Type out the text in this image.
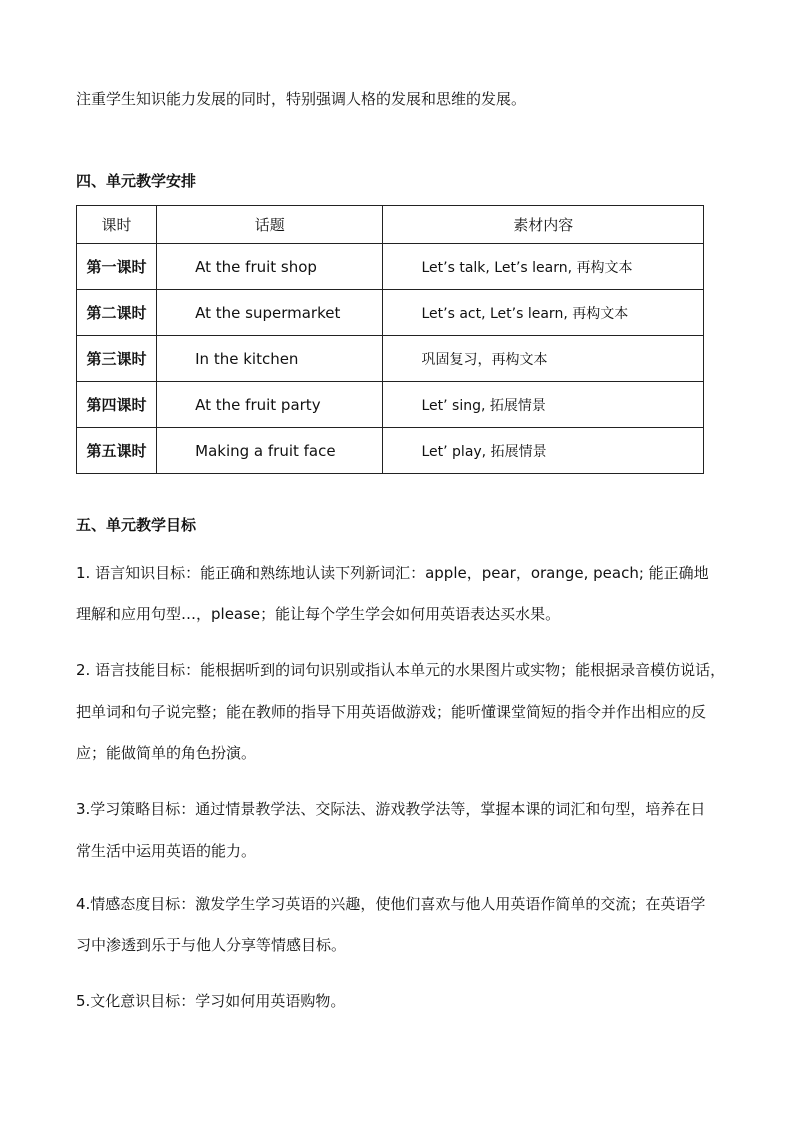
注重学生知识能力发展的同时，特别强调人格的发展和思维的发展。
四、单元教学安排
课时	话题	素材内容
第一课时	At the fruit shop	Let’s talk, Let’s learn, 再构文本
第二课时	At the supermarket	Let’s act, Let’s learn, 再构文本
第三课时	In the kitchen	巩固复习，再构文本
第四课时	At the fruit party	Let’ sing, 拓展情景
第五课时	Making a fruit face	Let’ play, 拓展情景
五、单元教学目标
1. 语言知识目标：能正确和熟练地认读下列新词汇：apple，pear，orange, peach; 能正确地
理解和应用句型…，please；能让每个学生学会如何用英语表达买水果。
2. 语言技能目标：能根据听到的词句识别或指认本单元的水果图片或实物；能根据录音模仿说话，
把单词和句子说完整；能在教师的指导下用英语做游戏；能听懂课堂简短的指令并作出相应的反
应；能做简单的角色扮演。
3.学习策略目标：通过情景教学法、交际法、游戏教学法等，掌握本课的词汇和句型，培养在日
常生活中运用英语的能力。
4.情感态度目标：激发学生学习英语的兴趣，使他们喜欢与他人用英语作简单的交流；在英语学
习中渗透到乐于与他人分享等情感目标。
5.文化意识目标：学习如何用英语购物。
